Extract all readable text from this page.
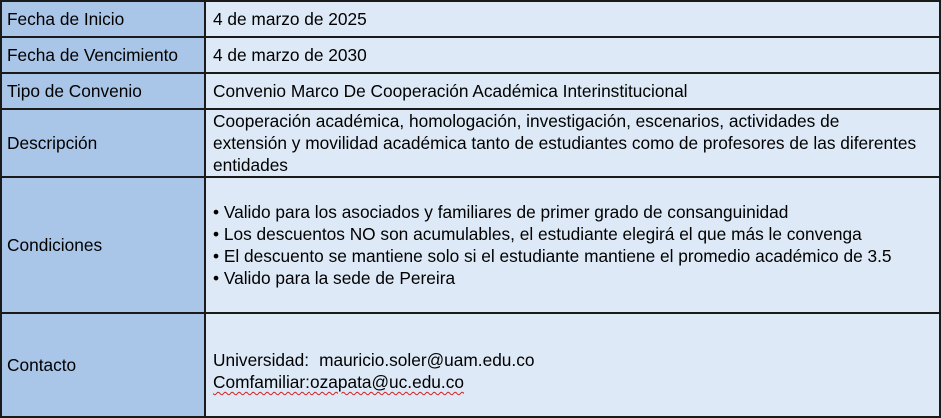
Fecha de Inicio	4 de marzo de 2025
Fecha de Vencimiento	4 de marzo de 2030
Tipo de Convenio	Convenio Marco De Cooperación Académica Interinstitucional
Descripción	Cooperación académica, homologación, investigación, escenarios, actividades de extensión y movilidad académica tanto de estudiantes como de profesores de las diferentes entidades
Condiciones	• Valido para los asociados y familiares de primer grado de consanguinidad
• Los descuentos NO son acumulables, el estudiante elegirá el que más le convenga
• El descuento se mantiene solo si el estudiante mantiene el promedio académico de 3.5
• Valido para la sede de Pereira

Contacto	Universidad: mauricio.soler@uam.edu.co
Comfamiliar:ozapata@uc.edu.co
